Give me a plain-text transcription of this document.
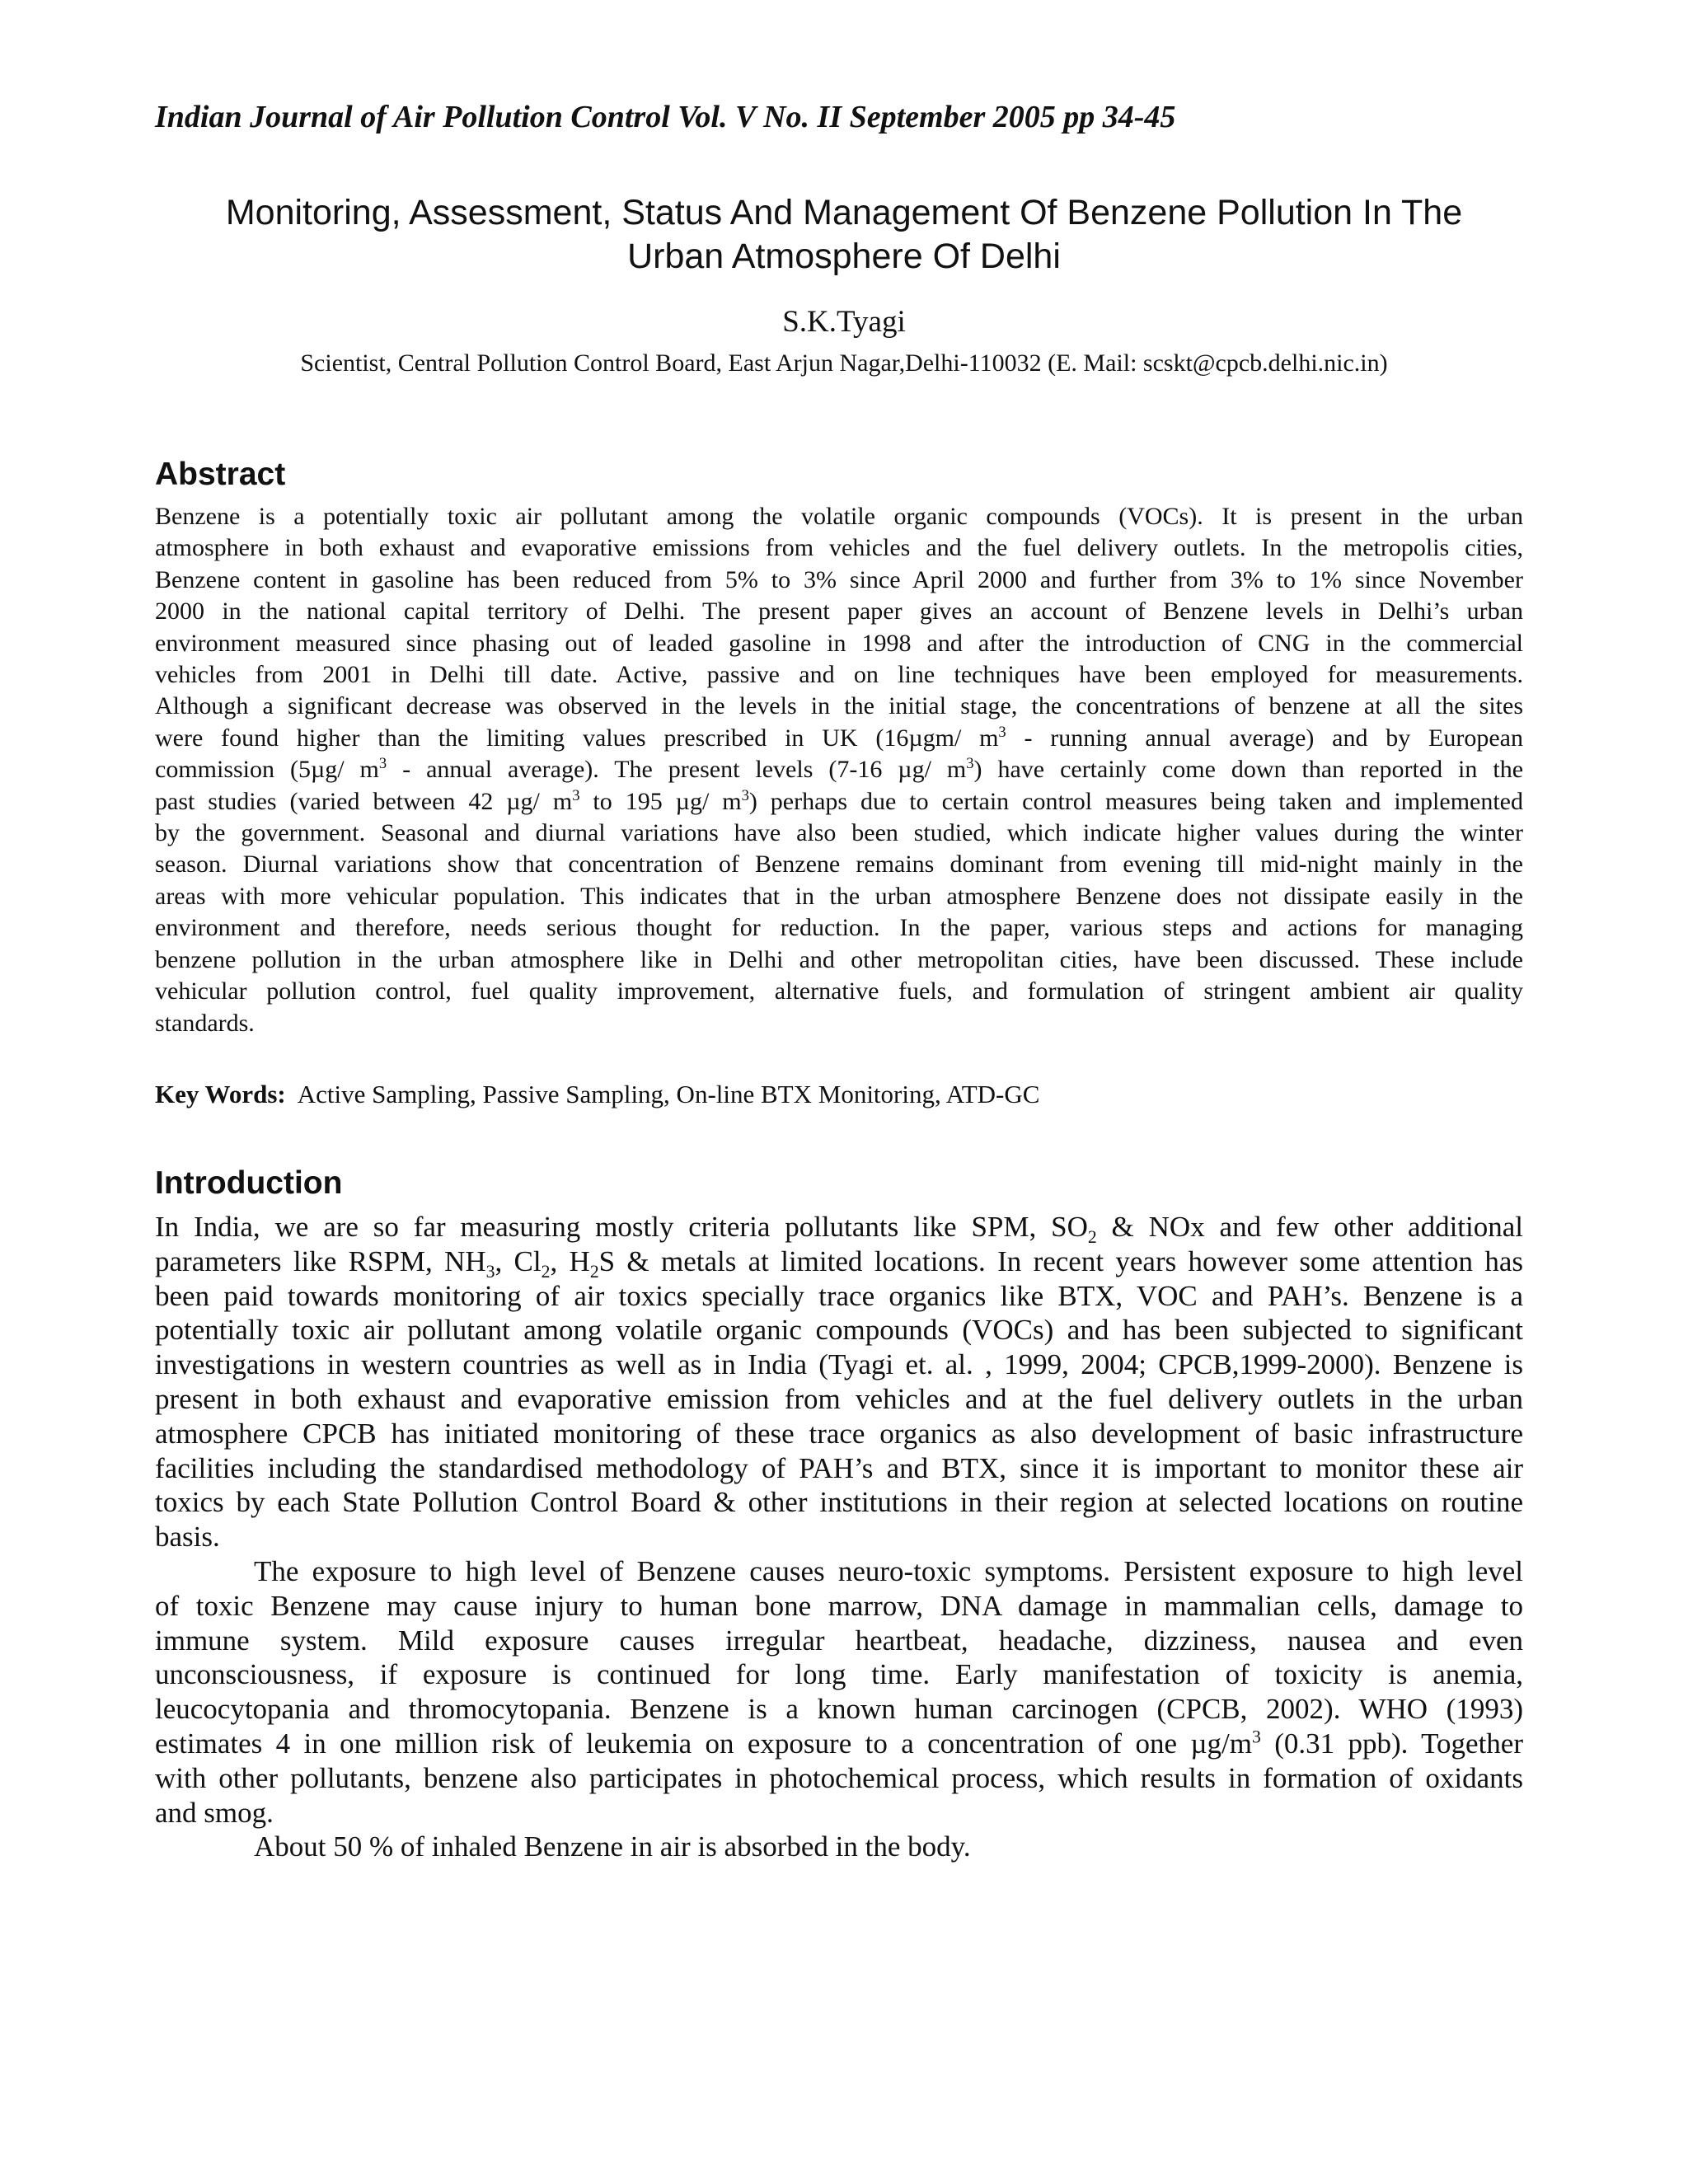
Indian Journal of Air Pollution Control Vol. V No. II September 2005 pp 34-45
Monitoring, Assessment, Status And Management Of Benzene Pollution In The
Urban Atmosphere Of Delhi
S.K.Tyagi
Scientist, Central Pollution Control Board, East Arjun Nagar,Delhi-110032 (E. Mail: scskt@cpcb.delhi.nic.in)
Abstract
Benzene is a potentially toxic air pollutant among the volatile organic compounds (VOCs). It is present in the urban
atmosphere in both exhaust and evaporative emissions from vehicles and the fuel delivery outlets. In the metropolis cities,
Benzene content in gasoline has been reduced from 5% to 3% since April 2000 and further from 3% to 1% since November
2000 in the national capital territory of Delhi. The present paper gives an account of Benzene levels in Delhi’s urban
environment measured since phasing out of leaded gasoline in 1998 and after the introduction of CNG in the commercial
vehicles from 2001 in Delhi till date. Active, passive and on line techniques have been employed for measurements.
Although a significant decrease was observed in the levels in the initial stage, the concentrations of benzene at all the sites
were found higher than the limiting values prescribed in UK (16µgm/ $m^3$ - running annual average) and by European
commission (5µg/ $m^3$ - annual average). The present levels (7-16 µg/ $m^3$) have certainly come down than reported in the
past studies (varied between 42 µg/ $m^3$ to 195 µg/ $m^3$) perhaps due to certain control measures being taken and implemented
by the government. Seasonal and diurnal variations have also been studied, which indicate higher values during the winter
season. Diurnal variations show that concentration of Benzene remains dominant from evening till mid-night mainly in the
areas with more vehicular population. This indicates that in the urban atmosphere Benzene does not dissipate easily in the
environment and therefore, needs serious thought for reduction. In the paper, various steps and actions for managing
benzene pollution in the urban atmosphere like in Delhi and other metropolitan cities, have been discussed. These include
vehicular pollution control, fuel quality improvement, alternative fuels, and formulation of stringent ambient air quality
standards.
Key Words: Active Sampling, Passive Sampling, On-line BTX Monitoring, ATD-GC
Introduction
In India, we are so far measuring mostly criteria pollutants like SPM, $SO_2$ & NOx and few other additional
parameters like RSPM, $NH_3$, $Cl_2$, $H_2S$ & metals at limited locations. In recent years however some attention has
been paid towards monitoring of air toxics specially trace organics like BTX, VOC and PAH’s. Benzene is a
potentially toxic air pollutant among volatile organic compounds (VOCs) and has been subjected to significant
investigations in western countries as well as in India (Tyagi et. al. , 1999, 2004; CPCB,1999-2000). Benzene is
present in both exhaust and evaporative emission from vehicles and at the fuel delivery outlets in the urban
atmosphere CPCB has initiated monitoring of these trace organics as also development of basic infrastructure
facilities including the standardised methodology of PAH’s and BTX, since it is important to monitor these air
toxics by each State Pollution Control Board & other institutions in their region at selected locations on routine
basis.
The exposure to high level of Benzene causes neuro-toxic symptoms. Persistent exposure to high level
of toxic Benzene may cause injury to human bone marrow, DNA damage in mammalian cells, damage to
immune system. Mild exposure causes irregular heartbeat, headache, dizziness, nausea and even
unconsciousness, if exposure is continued for long time. Early manifestation of toxicity is anemia,
leucocytopania and thromocytopania. Benzene is a known human carcinogen (CPCB, 2002). WHO (1993)
estimates 4 in one million risk of leukemia on exposure to a concentration of one $\mu g/m^3$ (0.31 ppb). Together
with other pollutants, benzene also participates in photochemical process, which results in formation of oxidants
and smog.
About 50 % of inhaled Benzene in air is absorbed in the body.
